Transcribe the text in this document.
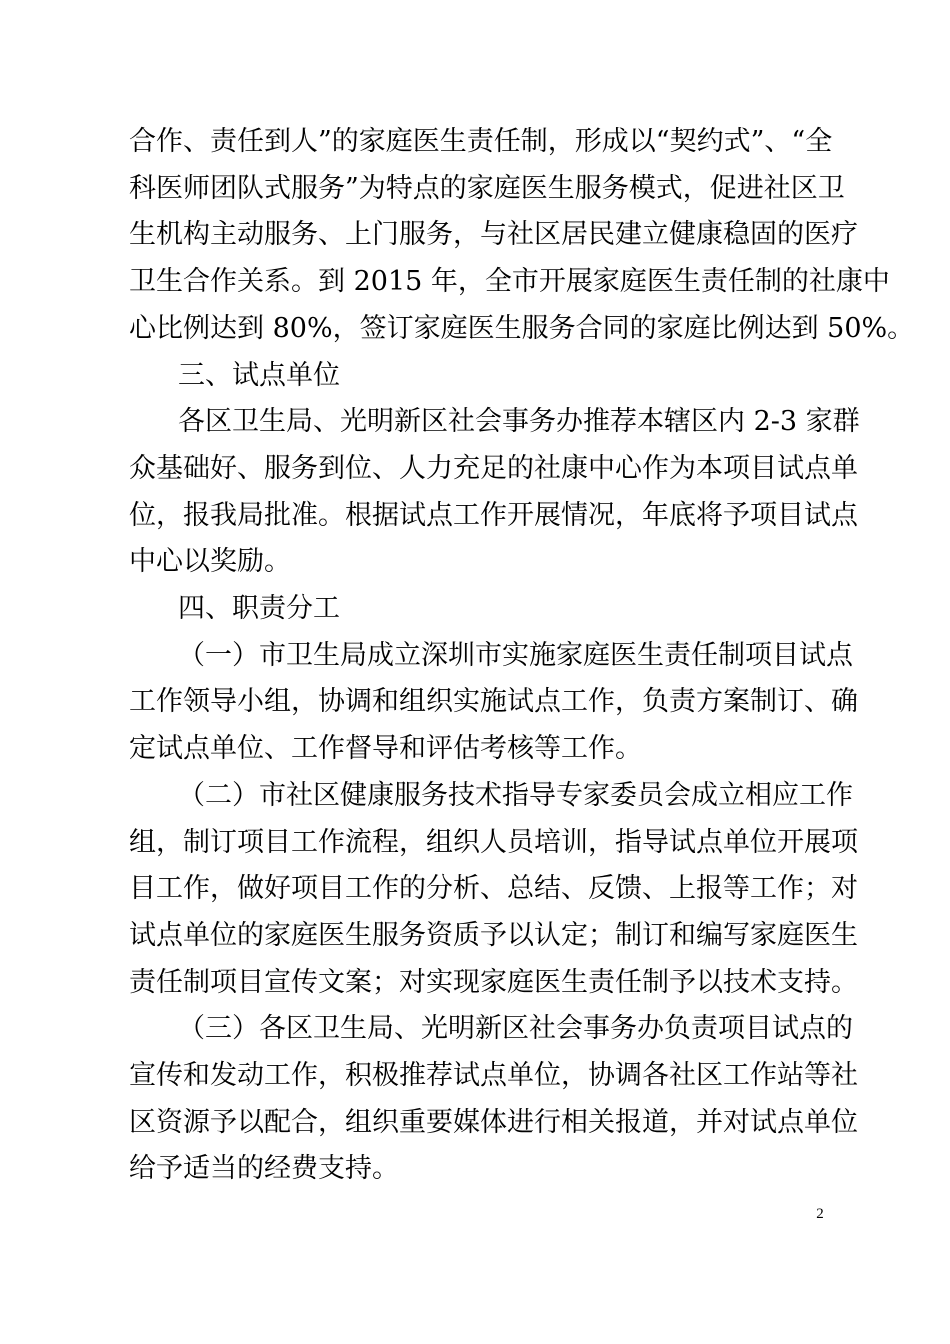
合作、责任到人”的家庭医生责任制，形成以“契约式”、“全
科医师团队式服务”为特点的家庭医生服务模式，促进社区卫
生机构主动服务、上门服务，与社区居民建立健康稳固的医疗
卫生合作关系。到 2015 年，全市开展家庭医生责任制的社康中
心比例达到 80%，签订家庭医生服务合同的家庭比例达到 50%。
三、试点单位
各区卫生局、光明新区社会事务办推荐本辖区内 2-3 家群
众基础好、服务到位、人力充足的社康中心作为本项目试点单
位，报我局批准。根据试点工作开展情况，年底将予项目试点
中心以奖励。
四、职责分工
（一）市卫生局成立深圳市实施家庭医生责任制项目试点
工作领导小组，协调和组织实施试点工作，负责方案制订、确
定试点单位、工作督导和评估考核等工作。
（二）市社区健康服务技术指导专家委员会成立相应工作
组，制订项目工作流程，组织人员培训，指导试点单位开展项
目工作，做好项目工作的分析、总结、反馈、上报等工作；对
试点单位的家庭医生服务资质予以认定；制订和编写家庭医生
责任制项目宣传文案；对实现家庭医生责任制予以技术支持。
（三）各区卫生局、光明新区社会事务办负责项目试点的
宣传和发动工作，积极推荐试点单位，协调各社区工作站等社
区资源予以配合，组织重要媒体进行相关报道，并对试点单位
给予适当的经费支持。
2
